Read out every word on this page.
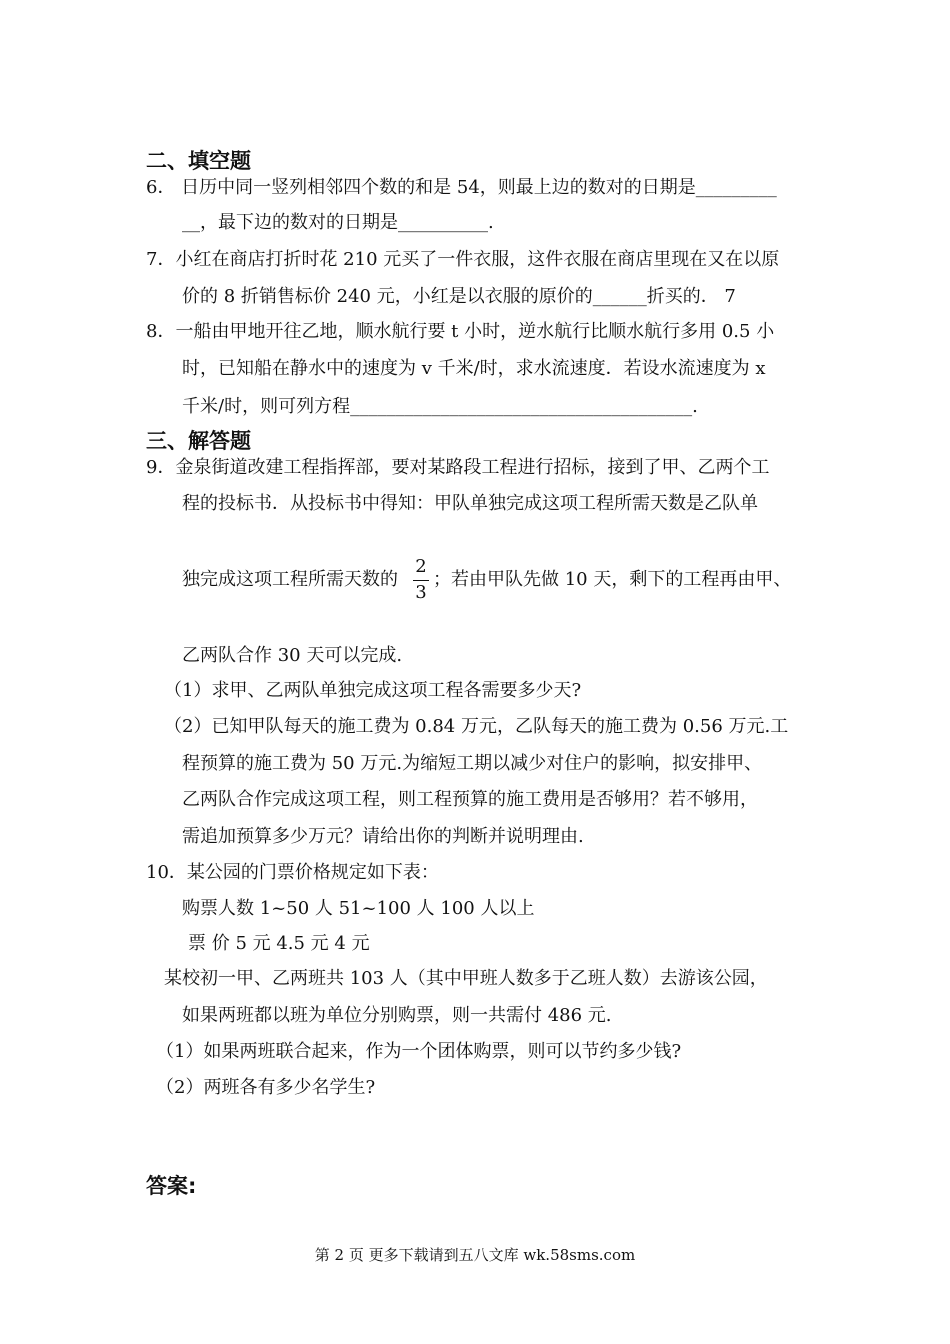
二、填空题
6． 日历中同一竖列相邻四个数的和是 54，则最上边的数对的日期是_________
__，最下边的数对的日期是__________.
7．小红在商店打折时花 210 元买了一件衣服，这件衣服在商店里现在又在以原
价的 8 折销售标价 240 元，小红是以衣服的原价的______折买的． 7
8．一船由甲地开往乙地，顺水航行要 t 小时，逆水航行比顺水航行多用 0.5 小
时，已知船在静水中的速度为 v 千米/时，求水流速度．若设水流速度为 x
千米/时，则可列方程______________________________________.
三、解答题
9．金泉街道改建工程指挥部，要对某路段工程进行招标，接到了甲、乙两个工
程的投标书．从投标书中得知：甲队单独完成这项工程所需天数是乙队单
独完成这项工程所需天数的
2
3
；若由甲队先做 10 天，剩下的工程再由甲、
乙两队合作 30 天可以完成.
（1）求甲、乙两队单独完成这项工程各需要多少天?
（2）已知甲队每天的施工费为 0.84 万元，乙队每天的施工费为 0.56 万元.工
程预算的施工费为 50 万元.为缩短工期以减少对住户的影响，拟安排甲、
乙两队合作完成这项工程，则工程预算的施工费用是否够用？若不够用，
需追加预算多少万元？请给出你的判断并说明理由.
10．某公园的门票价格规定如下表：
购票人数 1~50 人 51~100 人 100 人以上
票 价 5 元 4.5 元 4 元
某校初一甲、乙两班共 103 人（其中甲班人数多于乙班人数）去游该公园，
如果两班都以班为单位分别购票，则一共需付 486 元.
（1）如果两班联合起来，作为一个团体购票，则可以节约多少钱?
（2）两班各有多少名学生?
答案:
第 2 页 更多下载请到五八文库 wk.58sms.com
